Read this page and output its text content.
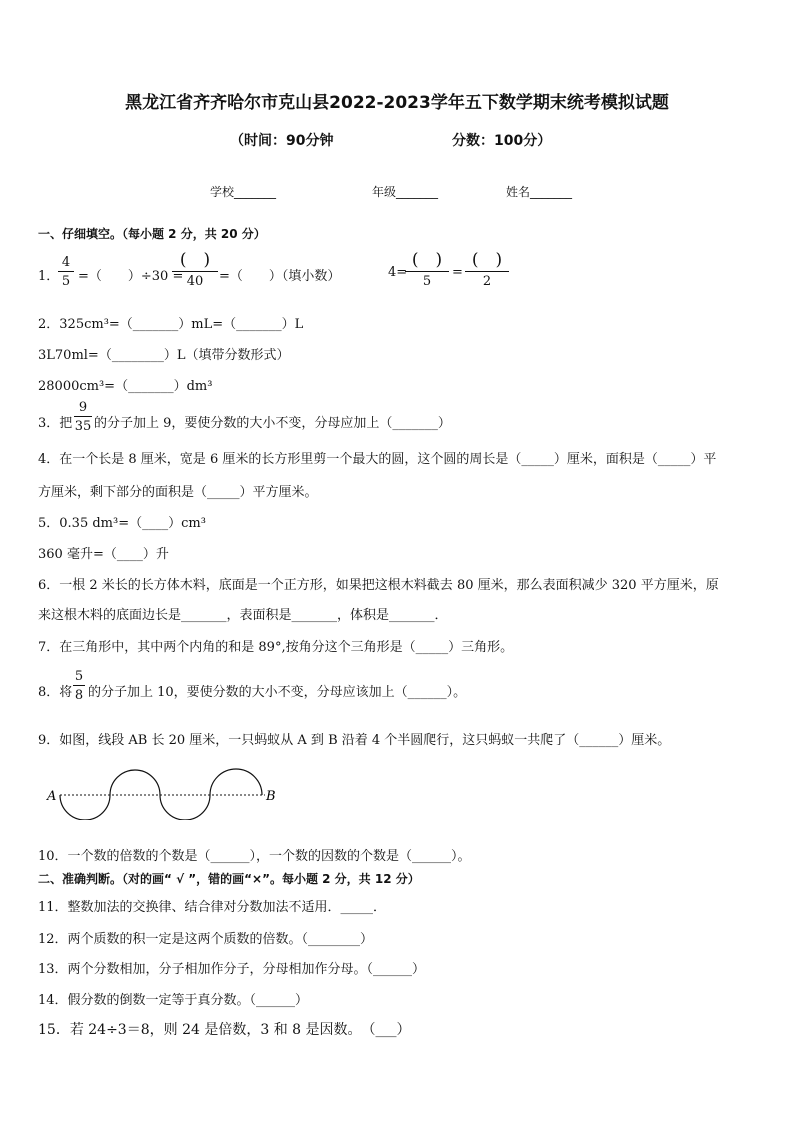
黑龙江省齐齐哈尔市克山县2022-2023学年五下数学期末统考模拟试题
（时间：90分钟	分数：100分）
学校_______	年级_______	姓名_______
一、仔细填空。（每小题 2 分，共 20 分）
1．
4
5 =（　　）÷30 =
(　)
40	=（　　）（填小数）	4=
(　)
5
=
(　)
2
2．325cm³=（_______）mL=（_______）L
3L70ml=（________）L（填带分数形式）
28000cm³=（_______）dm³
3．把
9
35 的分子加上 9，要使分数的大小不变，分母应加上（_______）
4．在一个长是 8 厘米，宽是 6 厘米的长方形里剪一个最大的圆，这个圆的周长是（_____）厘米，面积是（_____）平
方厘米，剩下部分的面积是（_____）平方厘米。
5．0.35 dm³=（____）cm³
360 毫升=（____）升
6．一根 2 米长的长方体木料，底面是一个正方形，如果把这根木料截去 80 厘米，那么表面积减少 320 平方厘米，原
来这根木料的底面边长是_______，表面积是_______，体积是_______．
7．在三角形中，其中两个内角的和是 89°,按角分这个三角形是（_____）三角形。
8．将
5
8 的分子加上 10，要使分数的大小不变，分母应该加上（______）。
9．如图，线段 AB 长 20 厘米，一只蚂蚁从 A 到 B 沿着 4 个半圆爬行，这只蚂蚁一共爬了（______）厘米。
A	B
10．一个数的倍数的个数是（______），一个数的因数的个数是（______）。
二、准确判断。（对的画“ √ ”，错的画“×”。每小题 2 分，共 12 分）
11．整数加法的交换律、结合律对分数加法不适用．_____．
12．两个质数的积一定是这两个质数的倍数。（________）
13．两个分数相加，分子相加作分子，分母相加作分母。（______）
14．假分数的倒数一定等于真分数。（______）
15．若 24÷3＝8，则 24 是倍数，3 和 8 是因数。　（___）
